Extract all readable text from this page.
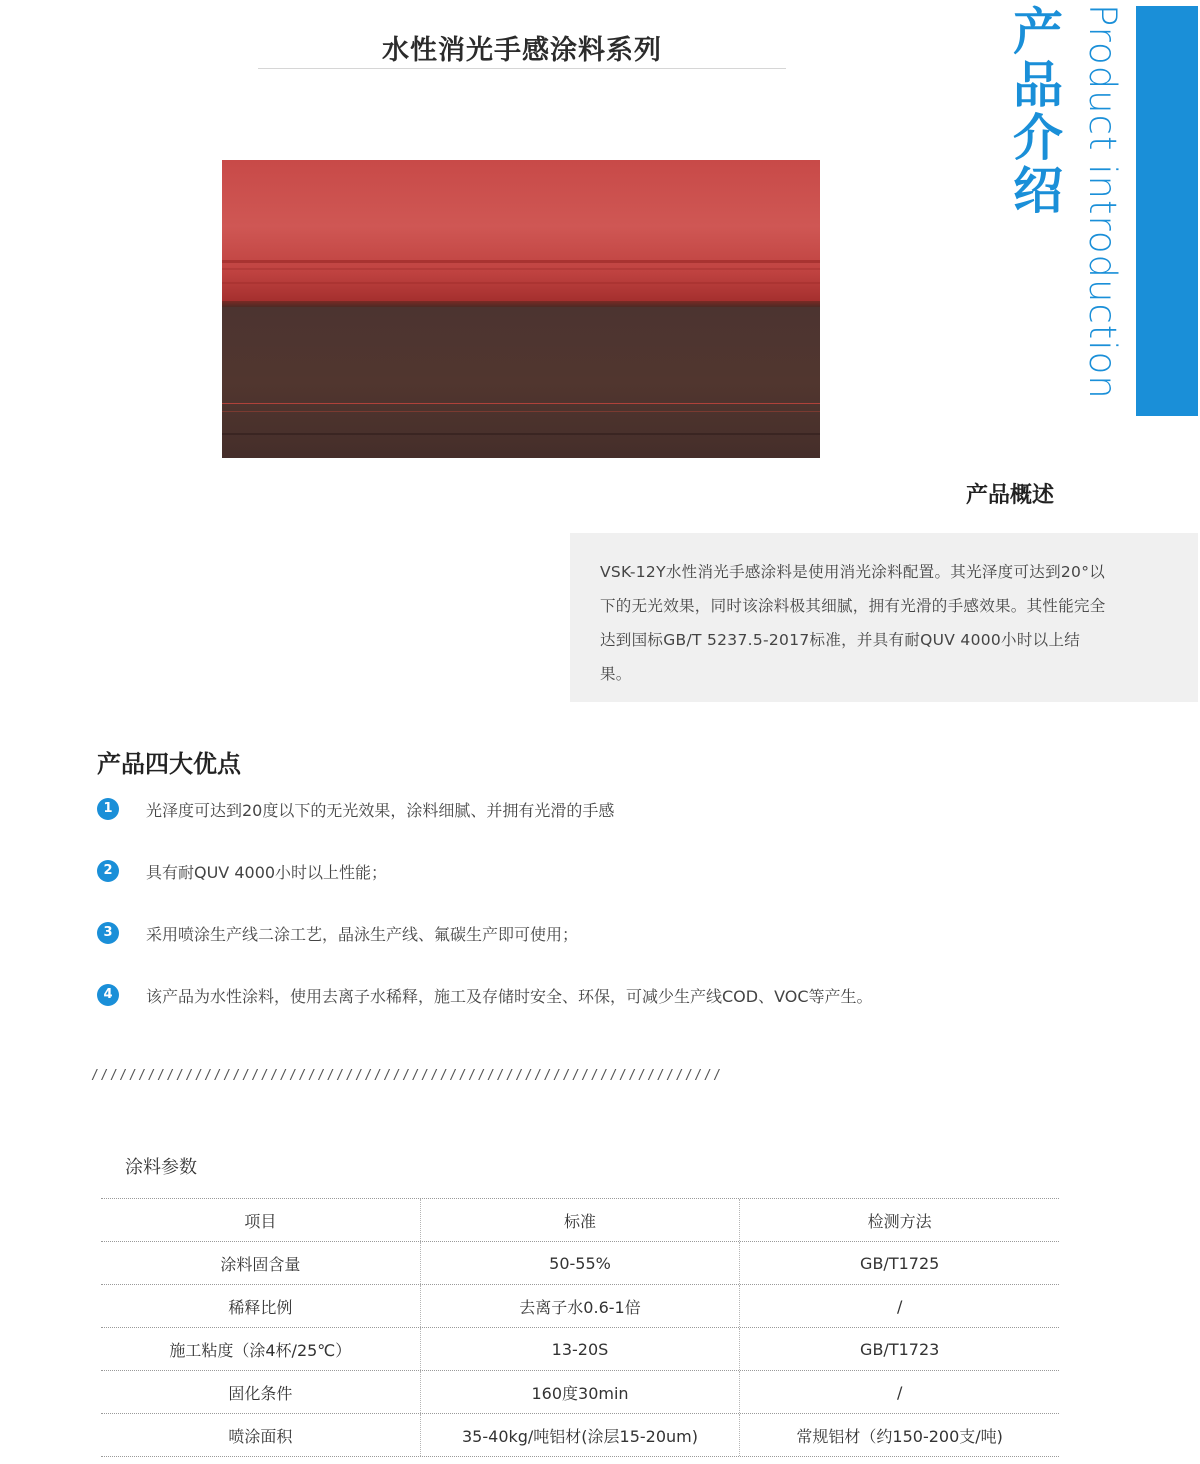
水性消光手感涂料系列	产
品
介
绍 Product introduction
产品概述
VSK-12Y水性消光手感涂料是使用消光涂料配置。其光泽度可达到20°以下的无光效果，同时该涂料极其细腻，拥有光滑的手感效果。其性能完全达到国标GB/T 5237.5-2017标准，并具有耐QUV 4000小时以上结果。
产品四大优点
1	光泽度可达到20度以下的无光效果，涂料细腻、并拥有光滑的手感
2	具有耐QUV 4000小时以上性能；
3	采用喷涂生产线二涂工艺，晶泳生产线、氟碳生产即可使用；
4	该产品为水性涂料，使用去离子水稀释，施工及存储时安全、环保，可减少生产线COD、VOC等产生。
///////////////////////////////////////////////////////////////////
涂料参数
项目	标准	检测方法
涂料固含量	50-55%	GB/T1725
稀释比例	去离子水0.6-1倍	/
施工粘度（涂4杯/25℃）	13-20S	GB/T1723
固化条件	160度30min	/
喷涂面积	35-40kg/吨铝材(涂层15-20um)	常规铝材（约150-200支/吨)
